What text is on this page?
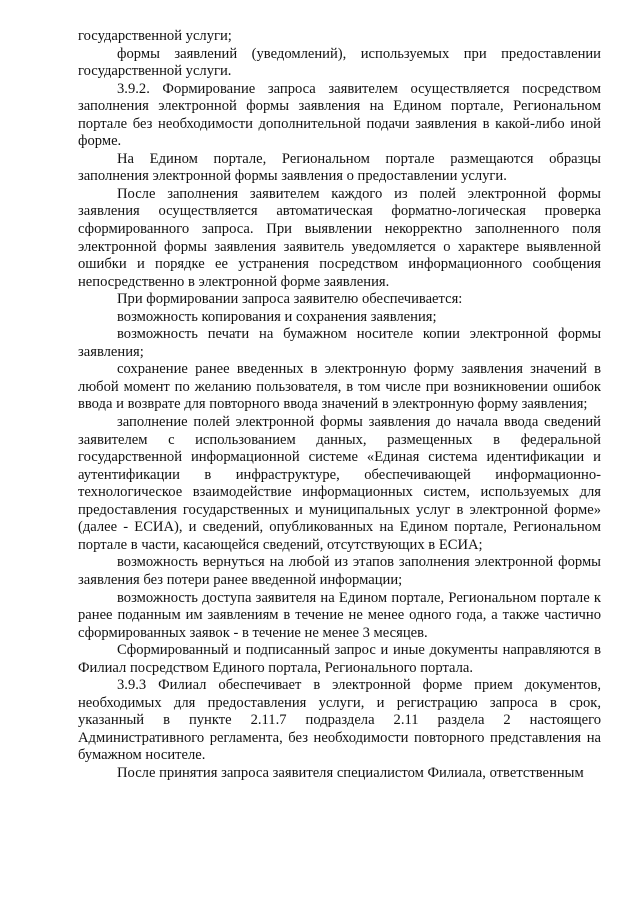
государственной услуги;

формы заявлений (уведомлений), используемых при предоставлении государственной услуги.

3.9.2. Формирование запроса заявителем осуществляется посредством заполнения электронной формы заявления на Едином портале, Региональном портале без необходимости дополнительной подачи заявления в какой-либо иной форме.

На Едином портале, Региональном портале размещаются образцы заполнения электронной формы заявления о предоставлении услуги.

После заполнения заявителем каждого из полей электронной формы заявления осуществляется автоматическая форматно-логическая проверка сформированного запроса. При выявлении некорректно заполненного поля электронной формы заявления заявитель уведомляется о характере выявленной ошибки и порядке ее устранения посредством информационного сообщения непосредственно в электронной форме заявления.

При формировании запроса заявителю обеспечивается:

возможность копирования и сохранения заявления;

возможность печати на бумажном носителе копии электронной формы заявления;

сохранение ранее введенных в электронную форму заявления значений в любой момент по желанию пользователя, в том числе при возникновении ошибок ввода и возврате для повторного ввода значений в электронную форму заявления;

заполнение полей электронной формы заявления до начала ввода сведений заявителем с использованием данных, размещенных в федеральной государственной информационной системе «Единая система идентификации и аутентификации в инфраструктуре, обеспечивающей информационно-технологическое взаимодействие информационных систем, используемых для предоставления государственных и муниципальных услуг в электронной форме» (далее - ЕСИА), и сведений, опубликованных на Едином портале, Региональном портале в части, касающейся сведений, отсутствующих в ЕСИА;

возможность вернуться на любой из этапов заполнения электронной формы заявления без потери ранее введенной информации;

возможность доступа заявителя на Едином портале, Региональном портале к ранее поданным им заявлениям в течение не менее одного года, а также частично сформированных заявок - в течение не менее 3 месяцев.

Сформированный и подписанный запрос и иные документы направляются в Филиал посредством Единого портала, Регионального портала.

3.9.3 Филиал обеспечивает в электронной форме прием документов, необходимых для предоставления услуги, и регистрацию запроса в срок, указанный в пункте 2.11.7 подраздела 2.11 раздела 2 настоящего Административного регламента, без необходимости повторного представления на бумажном носителе.

После принятия запроса заявителя специалистом Филиала, ответственным
